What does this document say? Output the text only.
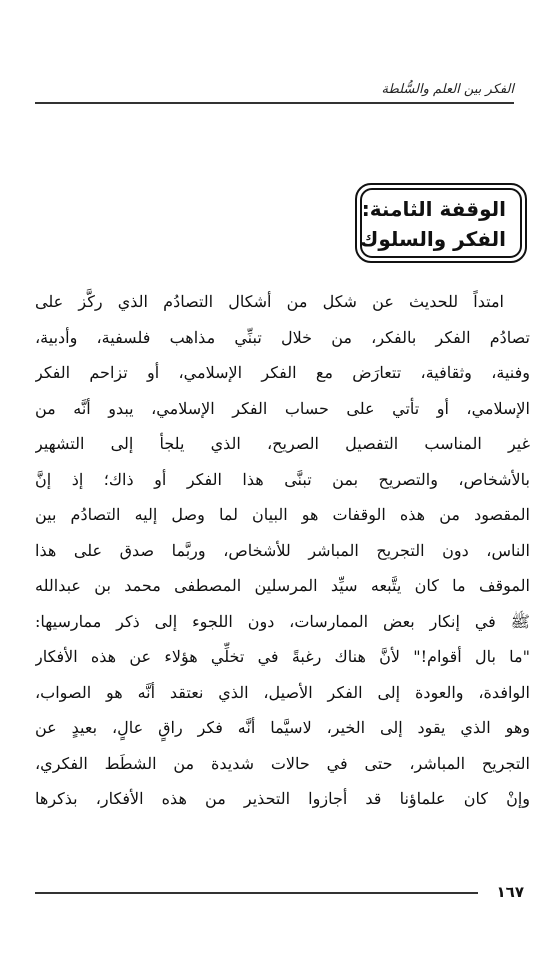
الفكر بين العلم والسُّلطة
الوقفة الثامنة:
الفكر والسلوك
امتداً للحديث عن شكل من أشكال التصادُم الذي ركَّز على
تصادُم الفكر بالفكر، من خلال تبنِّي مذاهب فلسفية، وأدبية،
وفنية، وثقافية، تتعارَض مع الفكر الإسلامي، أو تزاحم الفكر
الإسلامي، أو تأتي على حساب الفكر الإسلامي، يبدو أنَّه من
غير المناسب التفصيل الصريح، الذي يلجأ إلى التشهير
بالأشخاص، والتصريح بمن تبنَّى هذا الفكر أو ذاك؛ إذ إنَّ
المقصود من هذه الوقفات هو البيان لما وصل إليه التصادُم بين
الناس، دون التجريح المباشر للأشخاص، وربَّما صدق على هذا
الموقف ما كان يتَّبعه سيِّد المرسلين المصطفى محمد بن عبدالله
ﷺ في إنكار بعض الممارسات، دون اللجوء إلى ذكر ممارسيها:
"ما بال أقوام!" لأنَّ هناك رغبةً في تخلِّي هؤلاء عن هذه الأفكار
الوافدة، والعودة إلى الفكر الأصيل، الذي نعتقد أنَّه هو الصواب،
وهو الذي يقود إلى الخير، لاسيَّما أنَّه فكر راقٍ عالٍ، بعيدٍ عن
التجريح المباشر، حتى في حالات شديدة من الشطَط الفكري،
وإنْ كان علماؤنا قد أجازوا التحذير من هذه الأفكار، بذكرها
١٦٧
